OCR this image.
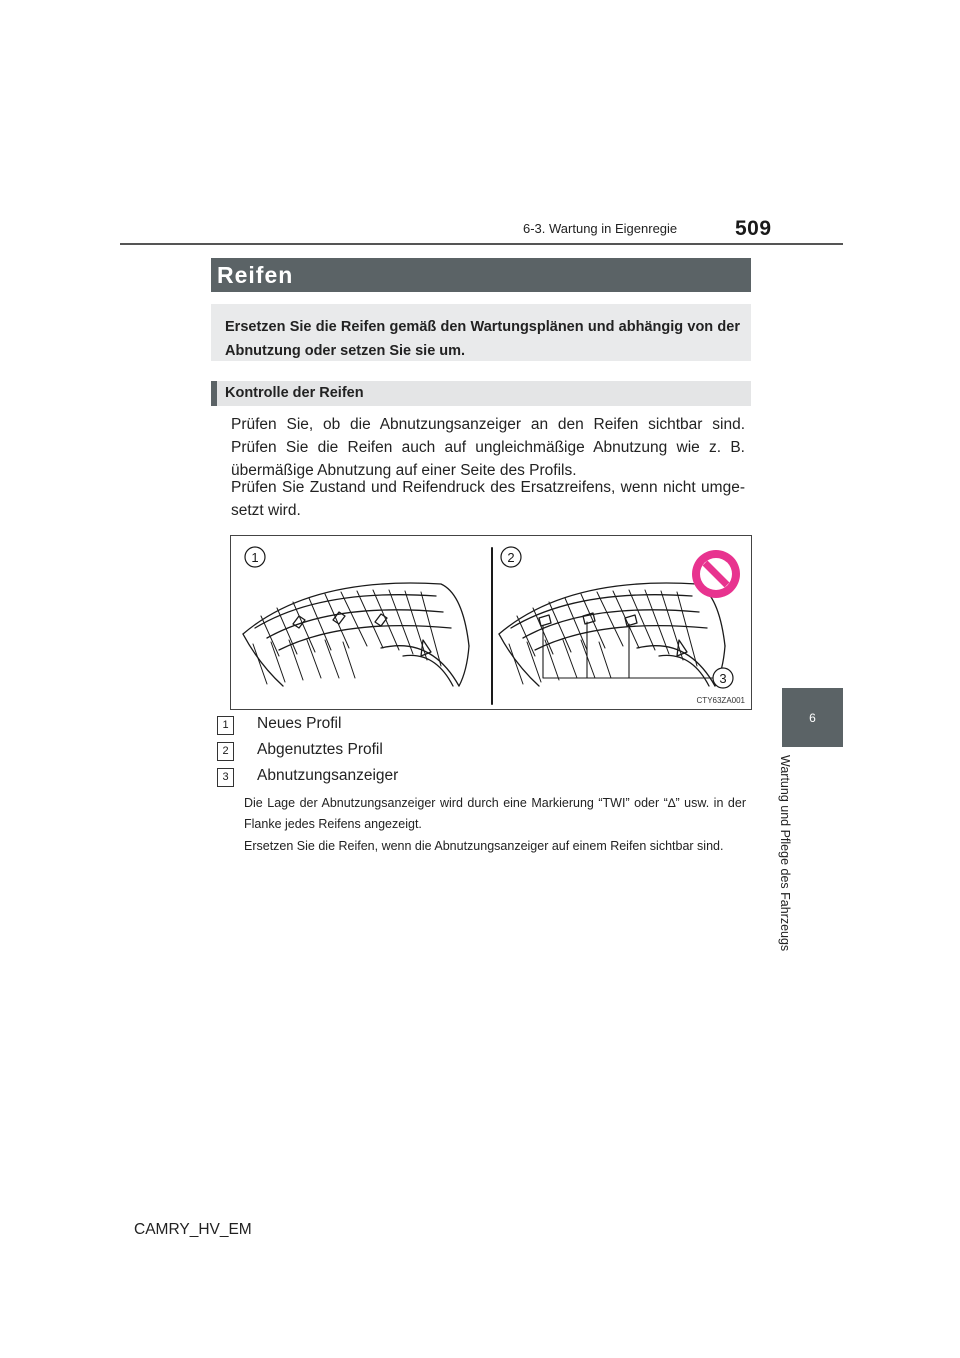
6-3. Wartung in Eigenregie	509
6
Wartung und Pflege des Fahrzeugs
Reifen

Ersetzen Sie die Reifen gemäß den Wartungsplänen und abhängig von der Abnutzung oder setzen Sie sie um.

Kontrolle der Reifen

Prüfen Sie, ob die Abnutzungsanzeiger an den Reifen sichtbar sind. Prüfen Sie die Reifen auch auf ungleichmäßige Abnutzung wie z. B. übermäßige Abnutzung auf einer Seite des Profils.

Prüfen Sie Zustand und Reifendruck des Ersatzreifens, wenn nicht umge- setzt wird.

1	2
3
CTY63ZA001
1	Neues Profil
2	Abgenutztes Profil
3	Abnutzungsanzeiger

Die Lage der Abnutzungsanzeiger wird durch eine Markierung “TWI” oder “∆” usw. in der Flanke jedes Reifens angezeigt.

Ersetzen Sie die Reifen, wenn die Abnutzungsanzeiger auf einem Reifen sichtbar sind.

CAMRY_HV_EM
